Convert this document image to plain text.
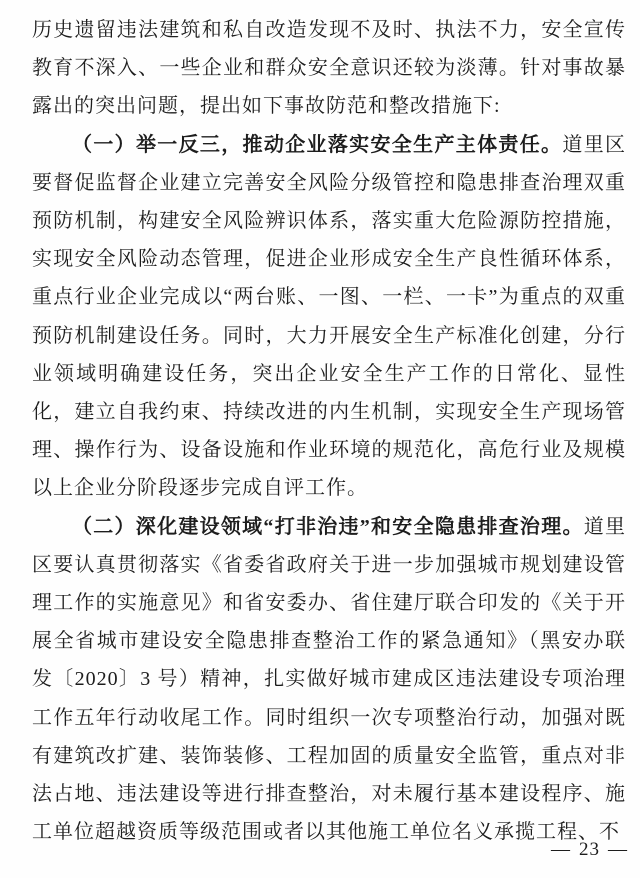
历史遗留违法建筑和私自改造发现不及时、执法不力，安全宣传教育不深入、一些企业和群众安全意识还较为淡薄。针对事故暴露出的突出问题，提出如下事故防范和整改措施下:

（一）举一反三，推动企业落实安全生产主体责任。道里区要督促监督企业建立完善安全风险分级管控和隐患排查治理双重预防机制，构建安全风险辨识体系，落实重大危险源防控措施，实现安全风险动态管理，促进企业形成安全生产良性循环体系，重点行业企业完成以“两台账、一图、一栏、一卡”为重点的双重预防机制建设任务。同时，大力开展安全生产标准化创建，分行业领域明确建设任务，突出企业安全生产工作的日常化、显性化，建立自我约束、持续改进的内生机制，实现安全生产现场管理、操作行为、设备设施和作业环境的规范化，高危行业及规模以上企业分阶段逐步完成自评工作。

（二）深化建设领域“打非治违”和安全隐患排查治理。道里区要认真贯彻落实《省委省政府关于进一步加强城市规划建设管理工作的实施意见》和省安委办、省住建厅联合印发的《关于开展全省城市建设安全隐患排查整治工作的紧急通知》（黑安办联发〔2020〕3 号）精神，扎实做好城市建成区违法建设专项治理工作五年行动收尾工作。同时组织一次专项整治行动，加强对既有建筑改扩建、装饰装修、工程加固的质量安全监管，重点对非法占地、违法建设等进行排查整治，对未履行基本建设程序、施工单位超越资质等级范围或者以其他施工单位名义承揽工程、不

— 23 —
